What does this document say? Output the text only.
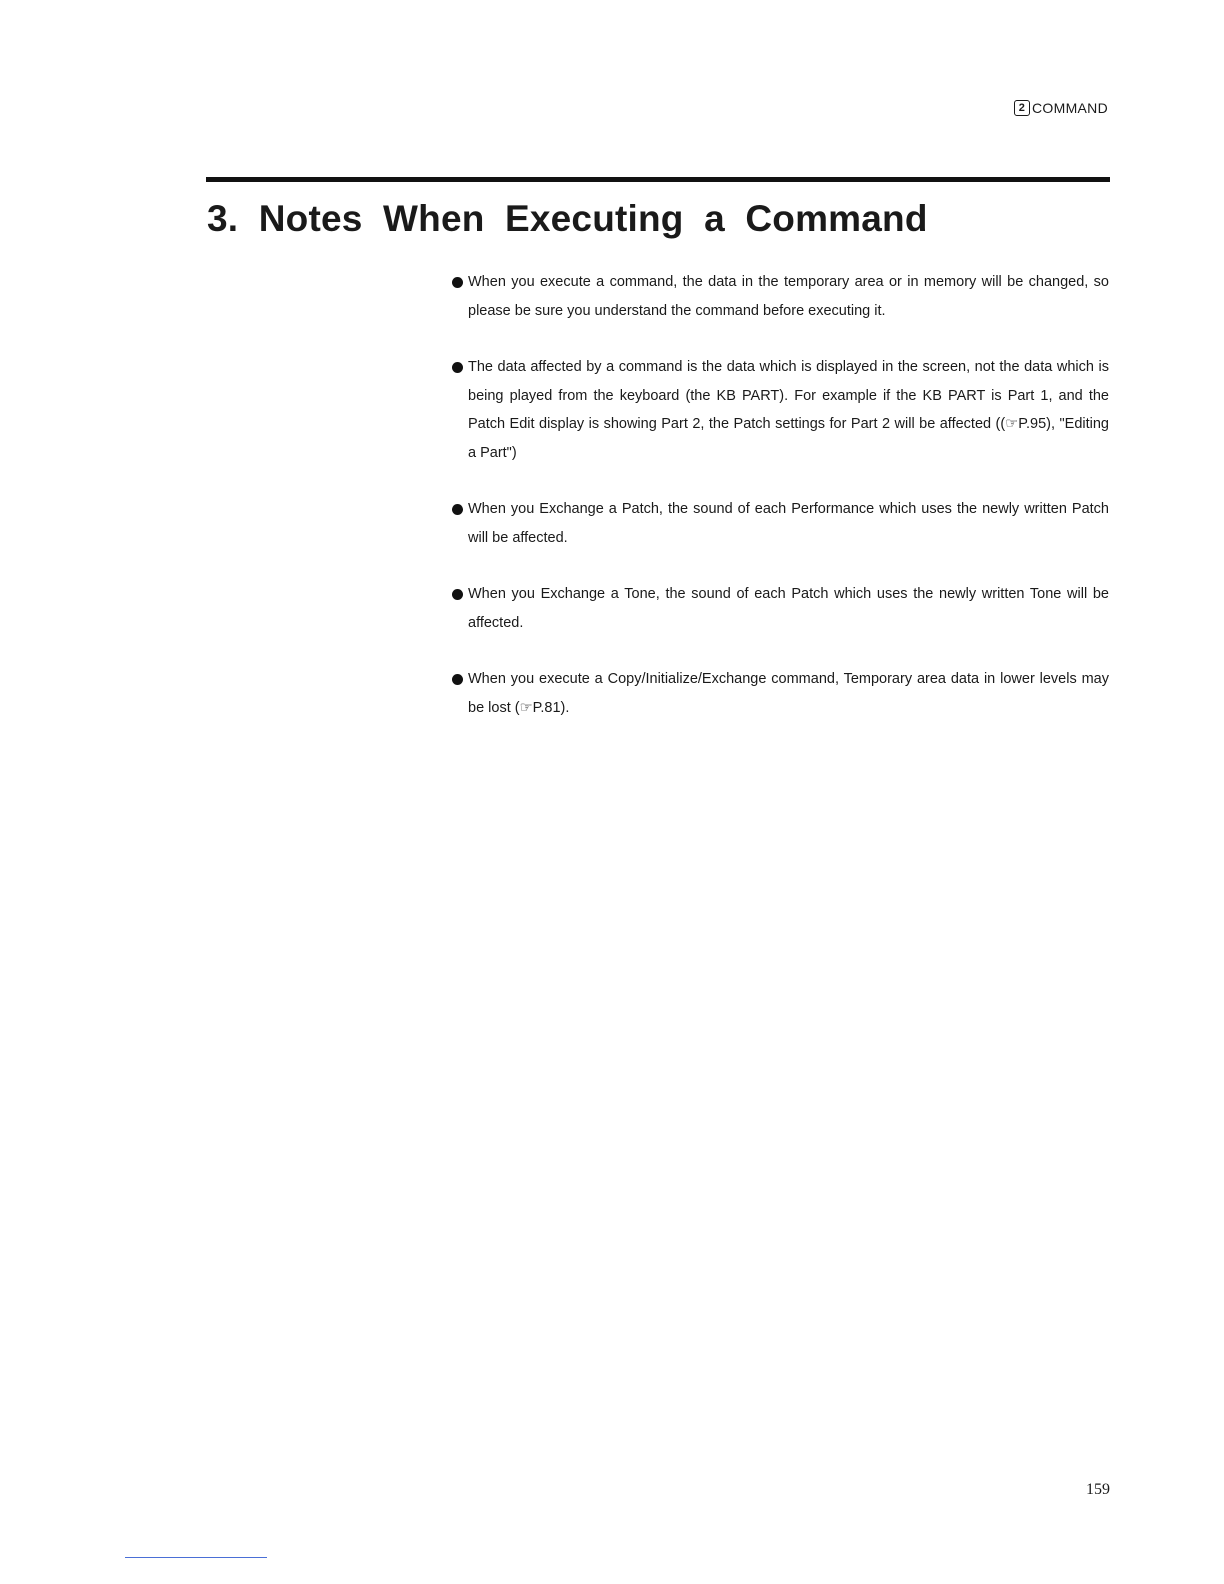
2 COMMAND
3. Notes When Executing a Command
When you execute a command, the data in the temporary area or in memory will be changed, so please be sure you understand the command before executing it.
The data affected by a command is the data which is displayed in the screen, not the data which is being played from the keyboard (the KB PART). For example if the KB PART is Part 1, and the Patch Edit display is showing Part 2, the Patch settings for Part 2 will be affected ((☞P.95), "Editing a Part")
When you Exchange a Patch, the sound of each Performance which uses the newly written Patch will be affected.
When you Exchange a Tone, the sound of each Patch which uses the newly written Tone will be affected.
When you execute a Copy/Initialize/Exchange command, Temporary area data in lower levels may be lost (☞P.81).
159
